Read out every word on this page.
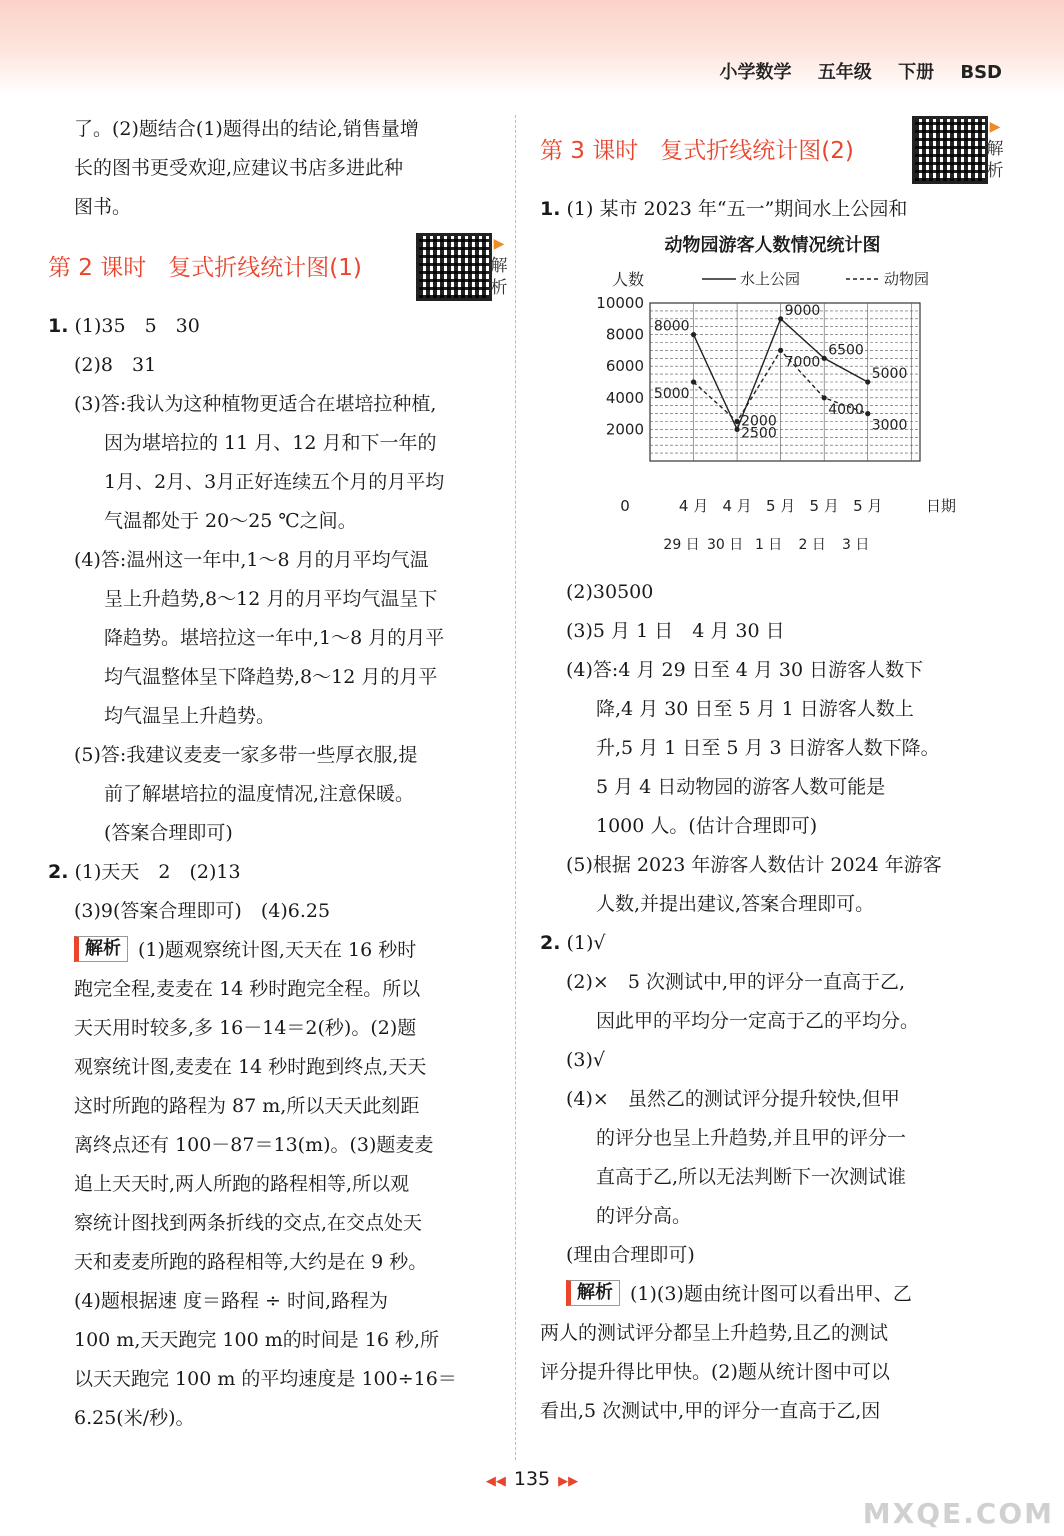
小学数学 五年级 下册 BSD

了。(2)题结合(1)题得出的结论,销售量增

长的图书更受欢迎,应建议书店多进此种

图书。

第 2 课时 复式折线统计图(1)
▶
解
析

1. (1)35　5　30

(2)8　31

(3)答:我认为这种植物更适合在堪培拉种植,

因为堪培拉的 11 月、12 月和下一年的

1月、2月、3月正好连续五个月的月平均

气温都处于 20～25 ℃之间。

(4)答:温州这一年中,1～8 月的月平均气温

呈上升趋势,8～12 月的月平均气温呈下

降趋势。堪培拉这一年中,1～8 月的月平

均气温整体呈下降趋势,8～12 月的月平

均气温呈上升趋势。

(5)答:我建议麦麦一家多带一些厚衣服,提

前了解堪培拉的温度情况,注意保暖。

(答案合理即可)

2. (1)天天　2　(2)13

(3)9(答案合理即可)　(4)6.25

解析 (1)题观察统计图,天天在 16 秒时

跑完全程,麦麦在 14 秒时跑完全程。所以

天天用时较多,多 16－14＝2(秒)。(2)题

观察统计图,麦麦在 14 秒时跑到终点,天天

这时所跑的路程为 87 m,所以天天此刻距

离终点还有 100－87＝13(m)。(3)题麦麦

追上天天时,两人所跑的路程相等,所以观

察统计图找到两条折线的交点,在交点处天

天和麦麦所跑的路程相等,大约是在 9 秒。

(4)题根据速 度＝路程 ÷ 时间,路程为

100 m,天天跑完 100 m的时间是 16 秒,所

以天天跑完 100 m 的平均速度是 100÷16＝

6.25(米/秒)。

第 3 课时 复式折线统计图(2)
▶
解
析

1. (1) 某市 2023 年“五一”期间水上公园和

动物园游客人数情况统计图
2000
4000
6000
8000
10000
0
人数
4 月
29 日
4 月
30 日
5 月
1 日
5 月
2 日
5 月
3 日
日期
水上公园	动物园
8000
2000
9000
6500
5000
5000
2500
7000
4000
3000

(2)30500

(3)5 月 1 日　4 月 30 日

(4)答:4 月 29 日至 4 月 30 日游客人数下

降,4 月 30 日至 5 月 1 日游客人数上

升,5 月 1 日至 5 月 3 日游客人数下降。

5 月 4 日动物园的游客人数可能是

1000 人。(估计合理即可)

(5)根据 2023 年游客人数估计 2024 年游客

人数,并提出建议,答案合理即可。

2. (1)√

(2)×　5 次测试中,甲的评分一直高于乙,

因此甲的平均分一定高于乙的平均分。

(3)√

(4)×　虽然乙的测试评分提升较快,但甲

的评分也呈上升趋势,并且甲的评分一

直高于乙,所以无法判断下一次测试谁

的评分高。

(理由合理即可)

解析 (1)(3)题由统计图可以看出甲、乙

两人的测试评分都呈上升趋势,且乙的测试

评分提升得比甲快。(2)题从统计图中可以

看出,5 次测试中,甲的评分一直高于乙,因

◀◀ 135 ▶▶
MXQE.COM
